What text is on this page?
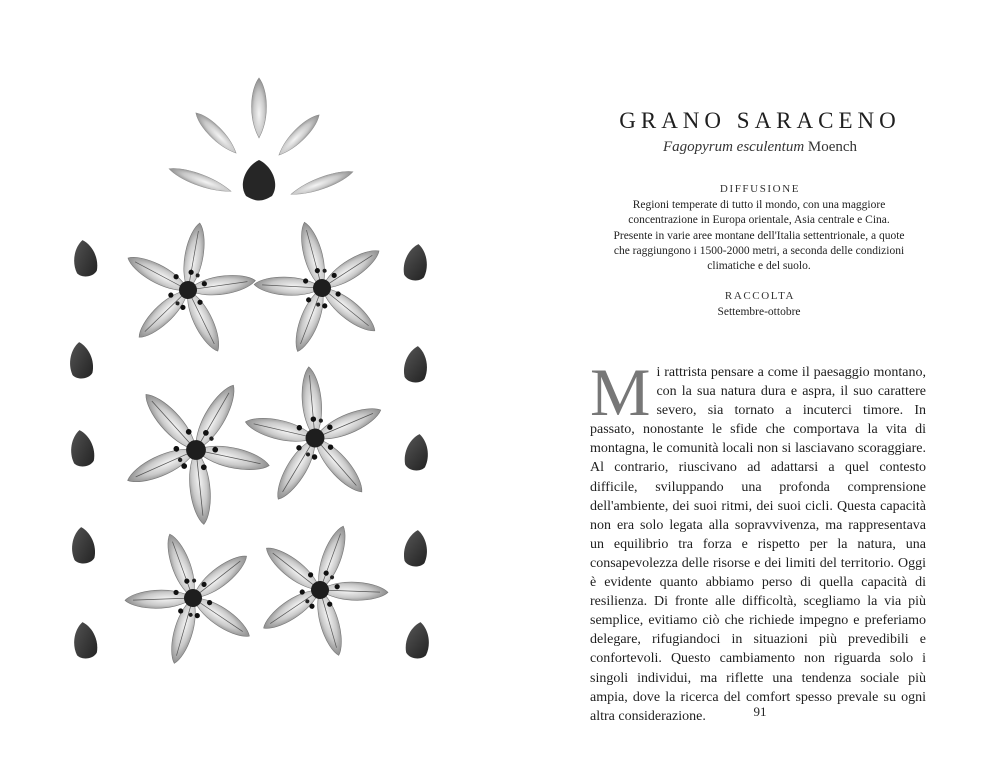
GRANO SARACENO
Fagopyrum esculentum Moench
DIFFUSIONE
Regioni temperate di tutto il mondo, con una maggiore
concentrazione in Europa orientale, Asia centrale e Cina.
Presente in varie aree montane dell'Italia settentrionale, a quote
che raggiungono i 1500-2000 metri, a seconda delle condizioni
climatiche e del suolo.
RACCOLTA
Settembre-ottobre
Mi rattrista pensare a come il paesaggio montano, con la sua natura dura e aspra, il suo carattere severo, sia tornato a incuterci timore. In passato, nonostante le sfide che comportava la vita di montagna, le comunità locali non si lasciavano scoraggiare. Al contrario, riuscivano ad adattarsi a quel contesto difficile, sviluppando una profonda comprensione dell'ambiente, dei suoi ritmi, dei suoi cicli. Questa capacità non era solo legata alla sopravvivenza, ma rappresentava un equilibrio tra forza e rispetto per la natura, una consapevolezza delle risorse e dei limiti del territorio. Oggi è evidente quanto abbiamo perso di quella capacità di resilienza. Di fronte alle difficoltà, scegliamo la via più semplice, evitiamo ciò che richiede impegno e preferiamo delegare, rifugiandoci in situazioni più prevedibili e confortevoli. Questo cambiamento non riguarda solo i singoli individui, ma riflette una tendenza sociale più ampia, dove la ricerca del comfort spesso prevale su ogni altra considerazione.	91
